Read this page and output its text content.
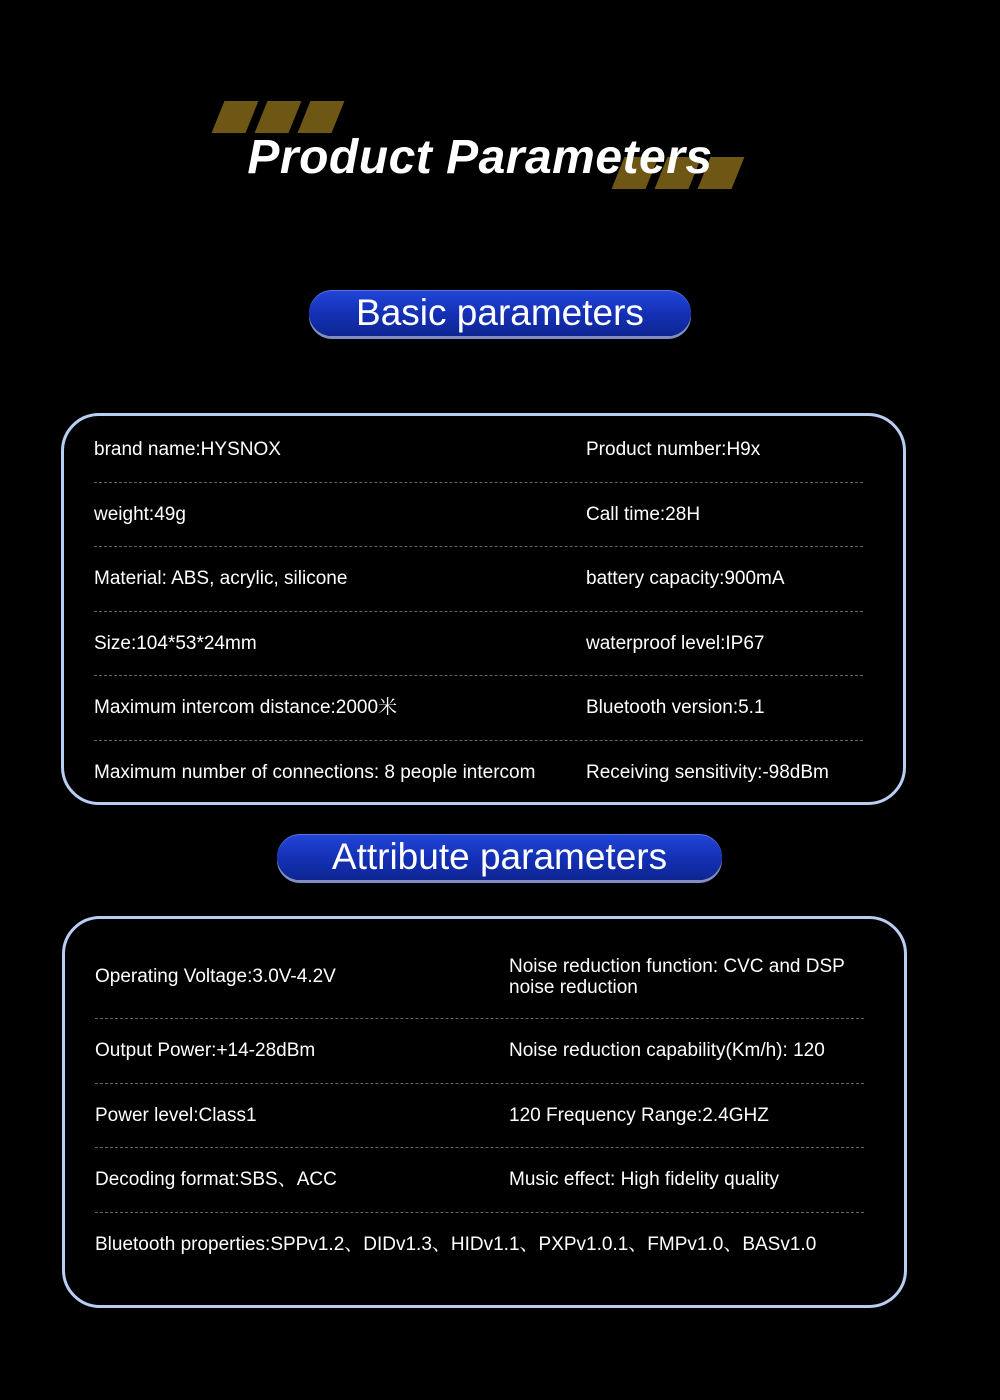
Product Parameters
Basic parameters
brand name:HYSNOX	Product number:H9x
weight:49g	Call time:28H
Material: ABS, acrylic, silicone	battery capacity:900mA
Size:104*53*24mm	waterproof level:IP67
Maximum intercom distance:2000米	Bluetooth version:5.1
Maximum number of connections: 8 people intercom	Receiving sensitivity:-98dBm
Attribute parameters
Operating Voltage:3.0V-4.2V	Noise reduction function: CVC and DSP noise reduction
Output Power:+14-28dBm	Noise reduction capability(Km/h): 120
Power level:Class1	120 Frequency Range:2.4GHZ
Decoding format:SBS、ACC	Music effect: High fidelity quality
Bluetooth properties:SPPv1.2、DIDv1.3、HIDv1.1、PXPv1.0.1、FMPv1.0、BASv1.0
